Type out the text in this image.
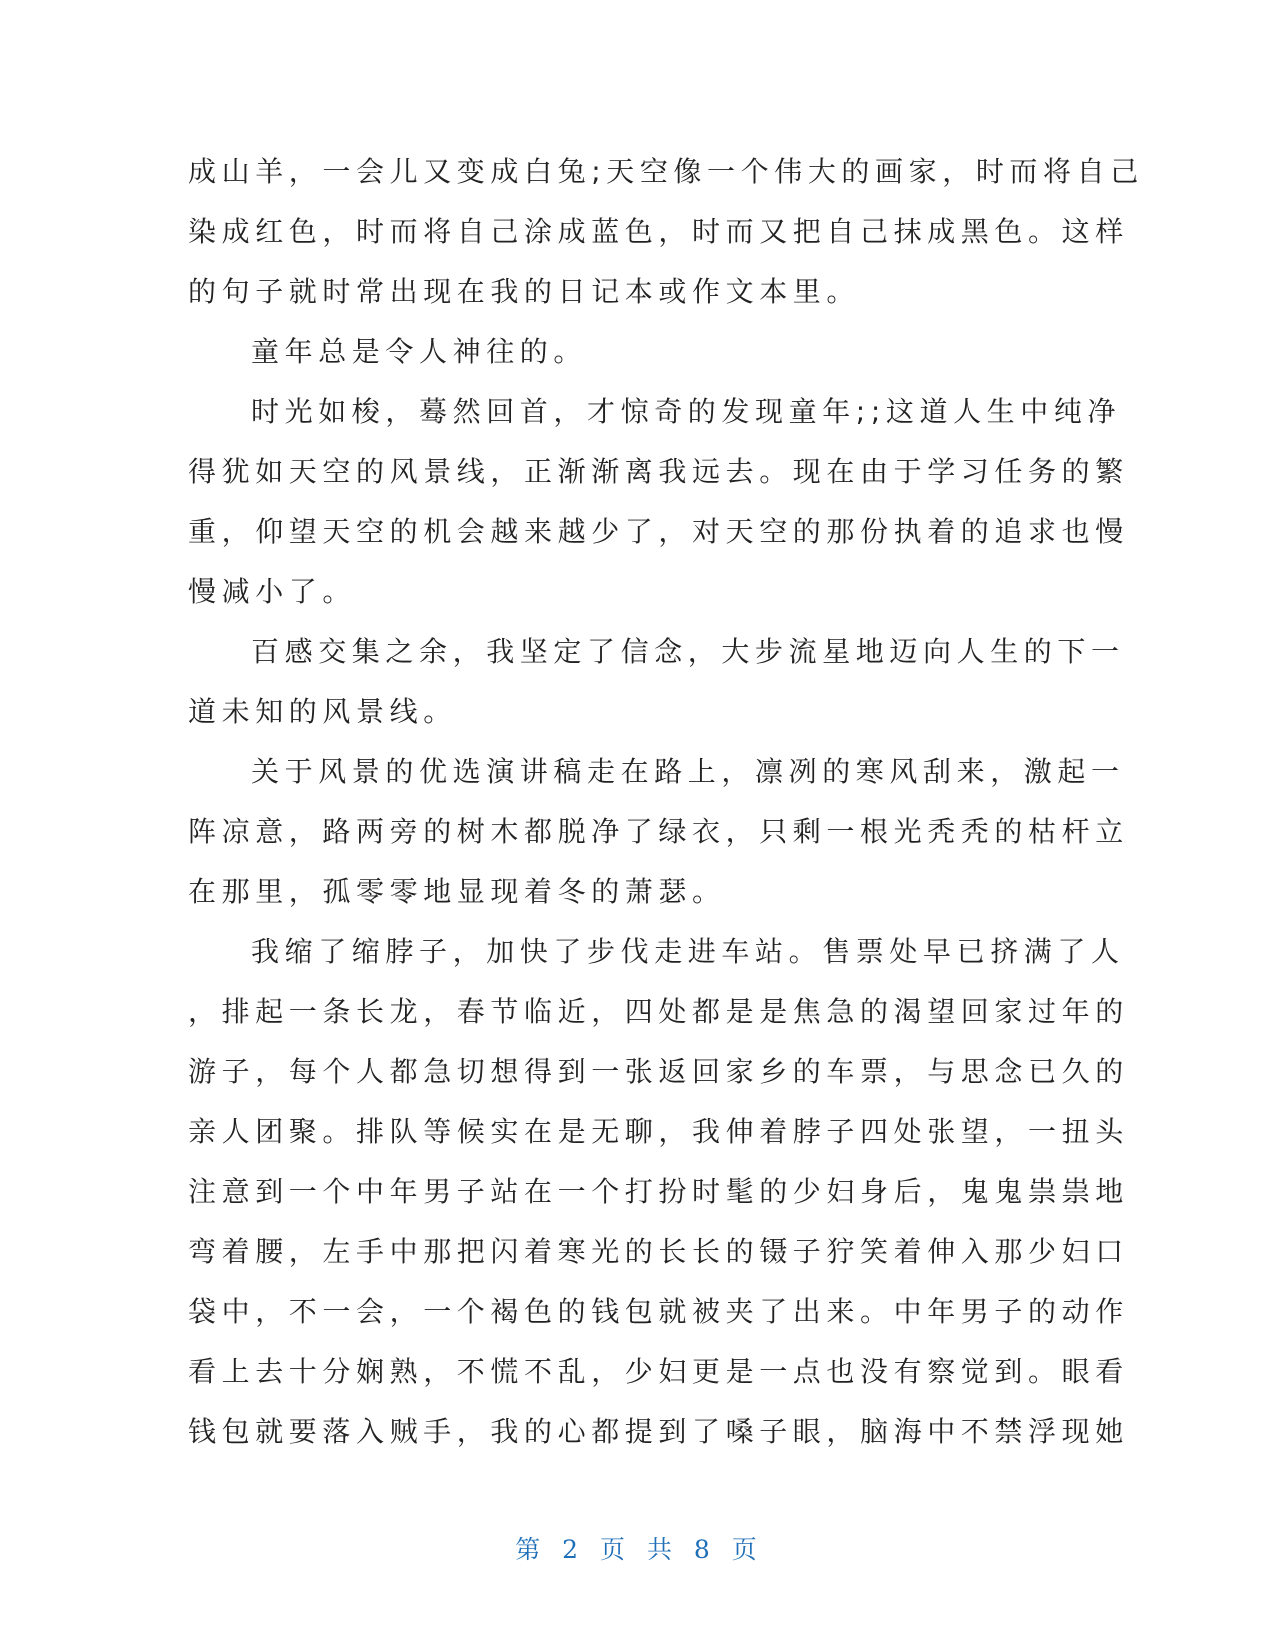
成山羊，一会儿又变成白兔;天空像一个伟大的画家，时而将自己
染成红色，时而将自己涂成蓝色，时而又把自己抹成黑色。这样
的句子就时常出现在我的日记本或作文本里。
童年总是令人神往的。
时光如梭，蓦然回首，才惊奇的发现童年;;这道人生中纯净
得犹如天空的风景线，正渐渐离我远去。现在由于学习任务的繁
重，仰望天空的机会越来越少了，对天空的那份执着的追求也慢
慢减小了。
百感交集之余，我坚定了信念，大步流星地迈向人生的下一
道未知的风景线。
关于风景的优选演讲稿走在路上，凛冽的寒风刮来，激起一
阵凉意，路两旁的树木都脱净了绿衣，只剩一根光秃秃的枯杆立
在那里，孤零零地显现着冬的萧瑟。
我缩了缩脖子，加快了步伐走进车站。售票处早已挤满了人
，排起一条长龙，春节临近，四处都是是焦急的渴望回家过年的
游子，每个人都急切想得到一张返回家乡的车票，与思念已久的
亲人团聚。排队等候实在是无聊，我伸着脖子四处张望，一扭头
注意到一个中年男子站在一个打扮时髦的少妇身后，鬼鬼祟祟地
弯着腰，左手中那把闪着寒光的长长的镊子狞笑着伸入那少妇口
袋中，不一会，一个褐色的钱包就被夹了出来。中年男子的动作
看上去十分娴熟，不慌不乱，少妇更是一点也没有察觉到。眼看
钱包就要落入贼手，我的心都提到了嗓子眼，脑海中不禁浮现她
第 2 页 共 8 页
